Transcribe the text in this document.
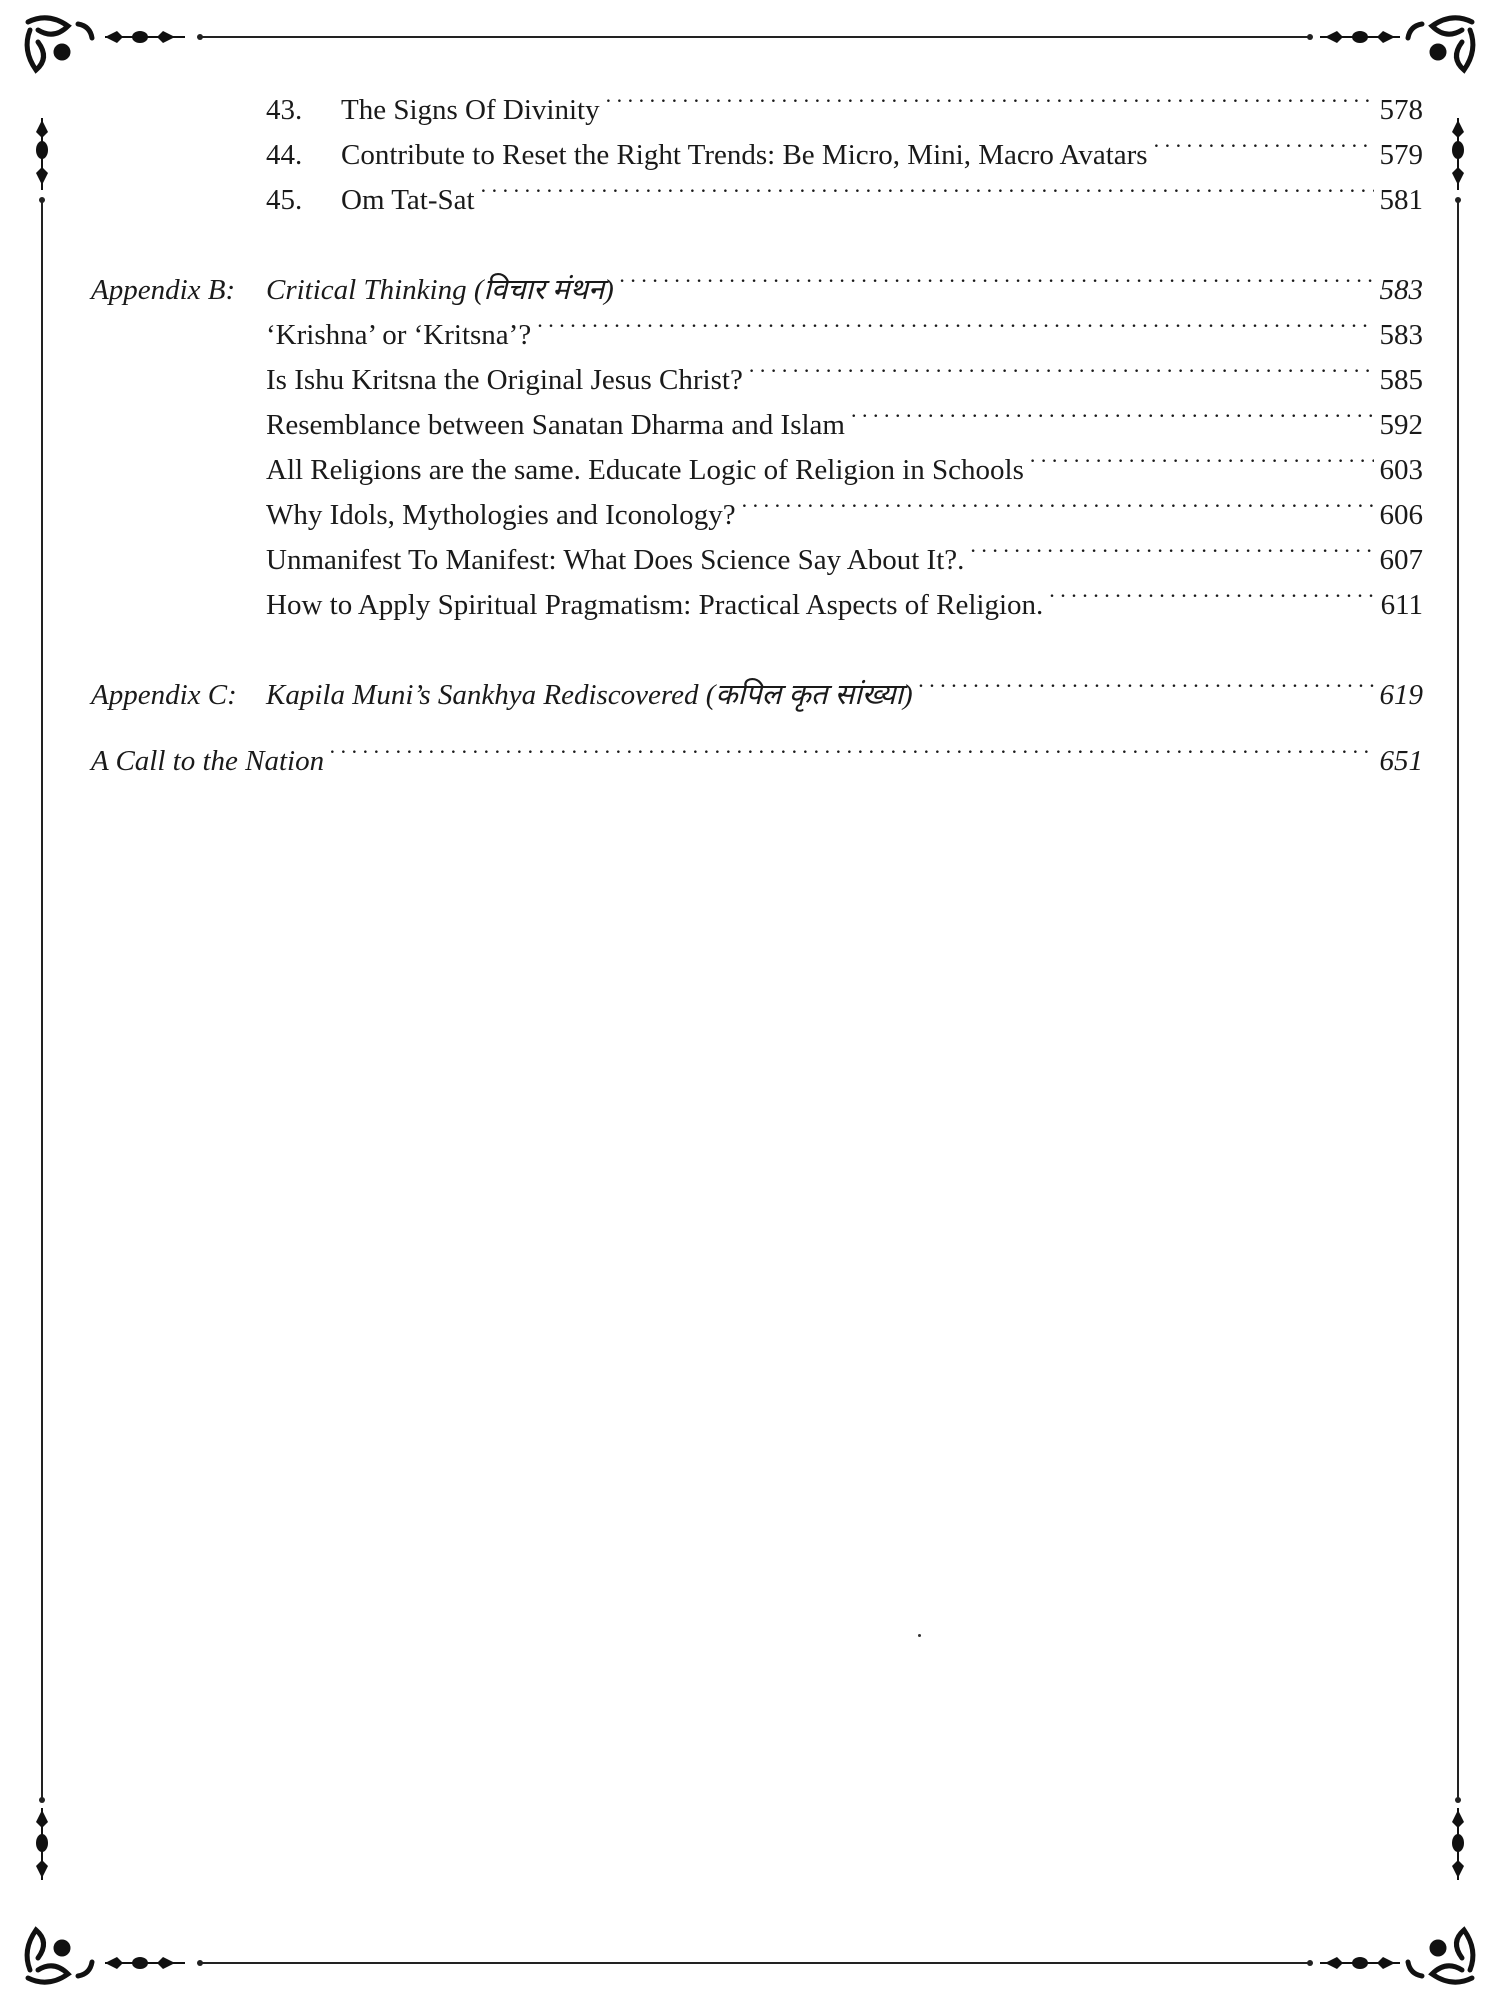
43.	The Signs Of Divinity . . .	578
44.	Contribute to Reset the Right Trends: Be Micro, Mini, Macro Avatars . . .	579
45.	Om Tat-Sat . . .	581
Appendix B:	Critical Thinking (विचार मंथन) . . .	583
‘Krishna’ or ‘Kritsna’? . . .	583
Is Ishu Kritsna the Original Jesus Christ? . . .	585
Resemblance between Sanatan Dharma and Islam . . .	592
All Religions are the same. Educate Logic of Religion in Schools . . .	603
Why Idols, Mythologies and Iconology? . . .	606
Unmanifest To Manifest: What Does Science Say About It?. . . .	607
How to Apply Spiritual Pragmatism: Practical Aspects of Religion. . . .	611
Appendix C:	Kapila Muni’s Sankhya Rediscovered (कपिल कृत सांख्या) . . .	619
A Call to the Nation . . .	651
